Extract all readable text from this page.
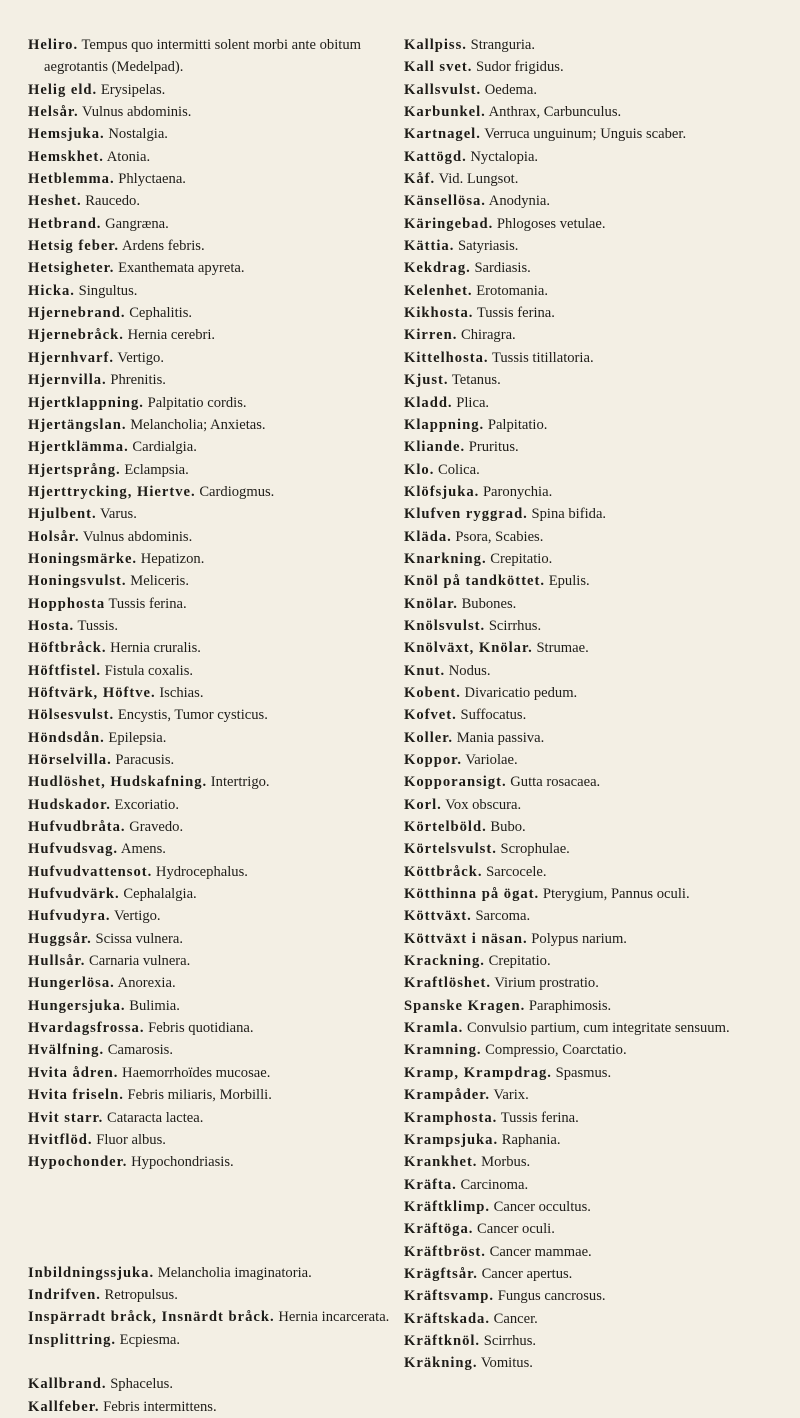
Heliro. Tempus quo intermitti solent morbi ante obitum aegrotantis (Medelpad).

Helig eld. Erysipelas.

Helsår. Vulnus abdominis.

Hemsjuka. Nostalgia.

Hemskhet. Atonia.

Hetblemma. Phlyctaena.

Heshet. Raucedo.

Hetbrand. Gangræna.

Hetsig feber. Ardens febris.

Hetsigheter. Exanthemata apyreta.

Hicka. Singultus.

Hjernebrand. Cephalitis.

Hjernebråck. Hernia cerebri.

Hjernhvarf. Vertigo.

Hjernvilla. Phrenitis.

Hjertklappning. Palpitatio cordis.

Hjertängslan. Melancholia; Anxietas.

Hjertklämma. Cardialgia.

Hjertsprång. Eclampsia.

Hjerttrycking, Hiertve. Cardiogmus.

Hjulbent. Varus.

Holsår. Vulnus abdominis.

Honingsmärke. Hepatizon.

Honingsvulst. Meliceris.

Hopphosta Tussis ferina.

Hosta. Tussis.

Höftbråck. Hernia cruralis.

Höftfistel. Fistula coxalis.

Höftvärk, Höftve. Ischias.

Hölsesvulst. Encystis, Tumor cysticus.

Höndsdån. Epilepsia.

Hörselvilla. Paracusis.

Hudlöshet, Hudskafning. Intertrigo.

Hudskador. Excoriatio.

Hufvudbråta. Gravedo.

Hufvudsvag. Amens.

Hufvudvattensot. Hydrocephalus.

Hufvudvärk. Cephalalgia.

Hufvudyra. Vertigo.

Huggsår. Scissa vulnera.

Hullsår. Carnaria vulnera.

Hungerlösa. Anorexia.

Hungersjuka. Bulimia.

Hvardagsfrossa. Febris quotidiana.

Hvälfning. Camarosis.

Hvita ådren. Haemorrhoïdes mucosae.

Hvita friseln. Febris miliaris, Morbilli.

Hvit starr. Cataracta lactea.

Hvitflöd. Fluor albus.

Hypochonder. Hypochondriasis.

Inbildningssjuka. Melancholia imaginatoria.

Indrifven. Retropulsus.

Inspärradt bråck, Insnärdt bråck. Hernia incarcerata.

Insplittring. Ecpiesma.

Kallbrand. Sphacelus.

Kallfeber. Febris intermittens.

Kallpiss. Stranguria.

Kall svet. Sudor frigidus.

Kallsvulst. Oedema.

Karbunkel. Anthrax, Carbunculus.

Kartnagel. Verruca unguinum; Unguis scaber.

Kattögd. Nyctalopia.

Kåf. Vid. Lungsot.

Känsellösa. Anodynia.

Käringebad. Phlogoses vetulae.

Kättia. Satyriasis.

Kekdrag. Sardiasis.

Kelenhet. Erotomania.

Kikhosta. Tussis ferina.

Kirren. Chiragra.

Kittelhosta. Tussis titillatoria.

Kjust. Tetanus.

Kladd. Plica.

Klappning. Palpitatio.

Kliande. Pruritus.

Klo. Colica.

Klöfsjuka. Paronychia.

Klufven ryggrad. Spina bifida.

Kläda. Psora, Scabies.

Knarkning. Crepitatio.

Knöl på tandköttet. Epulis.

Knölar. Bubones.

Knölsvulst. Scirrhus.

Knölväxt, Knölar. Strumae.

Knut. Nodus.

Kobent. Divaricatio pedum.

Kofvet. Suffocatus.

Koller. Mania passiva.

Koppor. Variolae.

Kopporansigt. Gutta rosacaea.

Korl. Vox obscura.

Körtelböld. Bubo.

Körtelsvulst. Scrophulae.

Köttbråck. Sarcocele.

Kötthinna på ögat. Pterygium, Pannus oculi.

Köttväxt. Sarcoma.

Köttväxt i näsan. Polypus narium.

Krackning. Crepitatio.

Kraftlöshet. Virium prostratio.

Spanske Kragen. Paraphimosis.

Kramla. Convulsio partium, cum integritate sensuum.

Kramning. Compressio, Coarctatio.

Kramp, Krampdrag. Spasmus.

Krampåder. Varix.

Kramphosta. Tussis ferina.

Krampsjuka. Raphania.

Krankhet. Morbus.

Kräfta. Carcinoma.

Kräftklimp. Cancer occultus.

Kräftöga. Cancer oculi.

Kräftbröst. Cancer mammae.

Krägftsår. Cancer apertus.

Kräftsvamp. Fungus cancrosus.

Kräftskada. Cancer.

Kräftknöl. Scirrhus.

Kräkning. Vomitus.
